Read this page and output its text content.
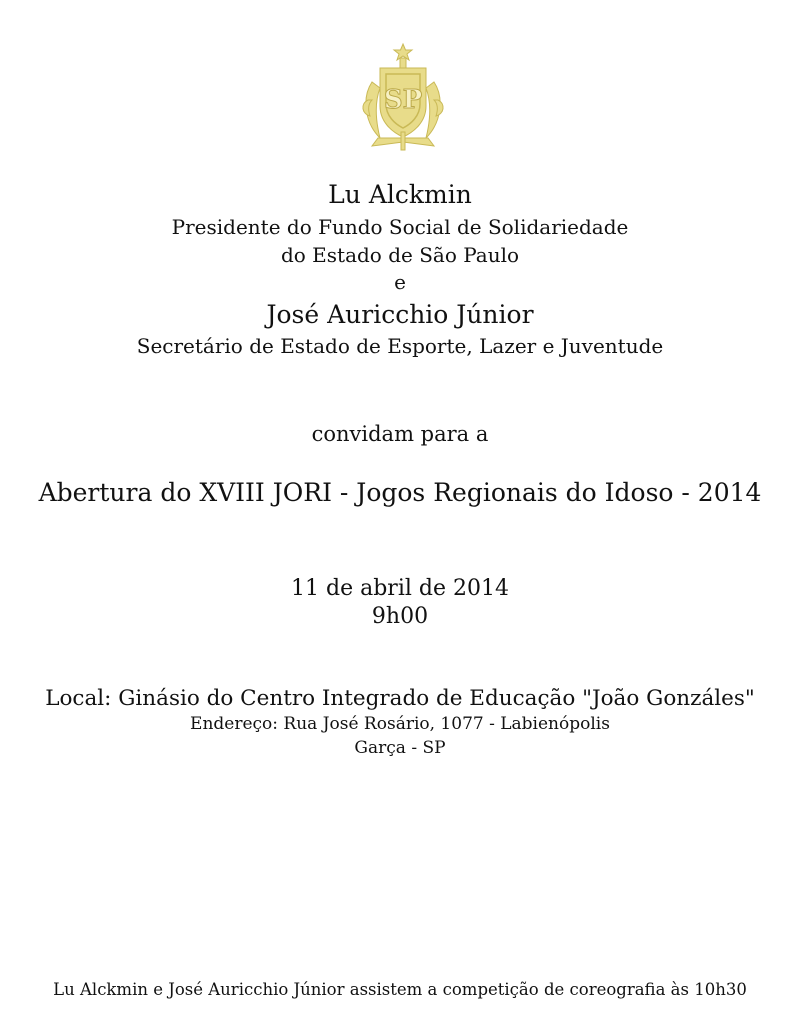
SP
Lu Alckmin
Presidente do Fundo Social de Solidariedade
do Estado de São Paulo
e
José Auricchio Júnior
Secretário de Estado de Esporte, Lazer e Juventude
convidam para a
Abertura do XVIII JORI - Jogos Regionais do Idoso - 2014
11 de abril de 2014
9h00
Local: Ginásio do Centro Integrado de Educação "João Gonzáles"
Endereço: Rua José Rosário, 1077 - Labienópolis
Garça - SP
Lu Alckmin e José Auricchio Júnior assistem a competição de coreografia às 10h30
